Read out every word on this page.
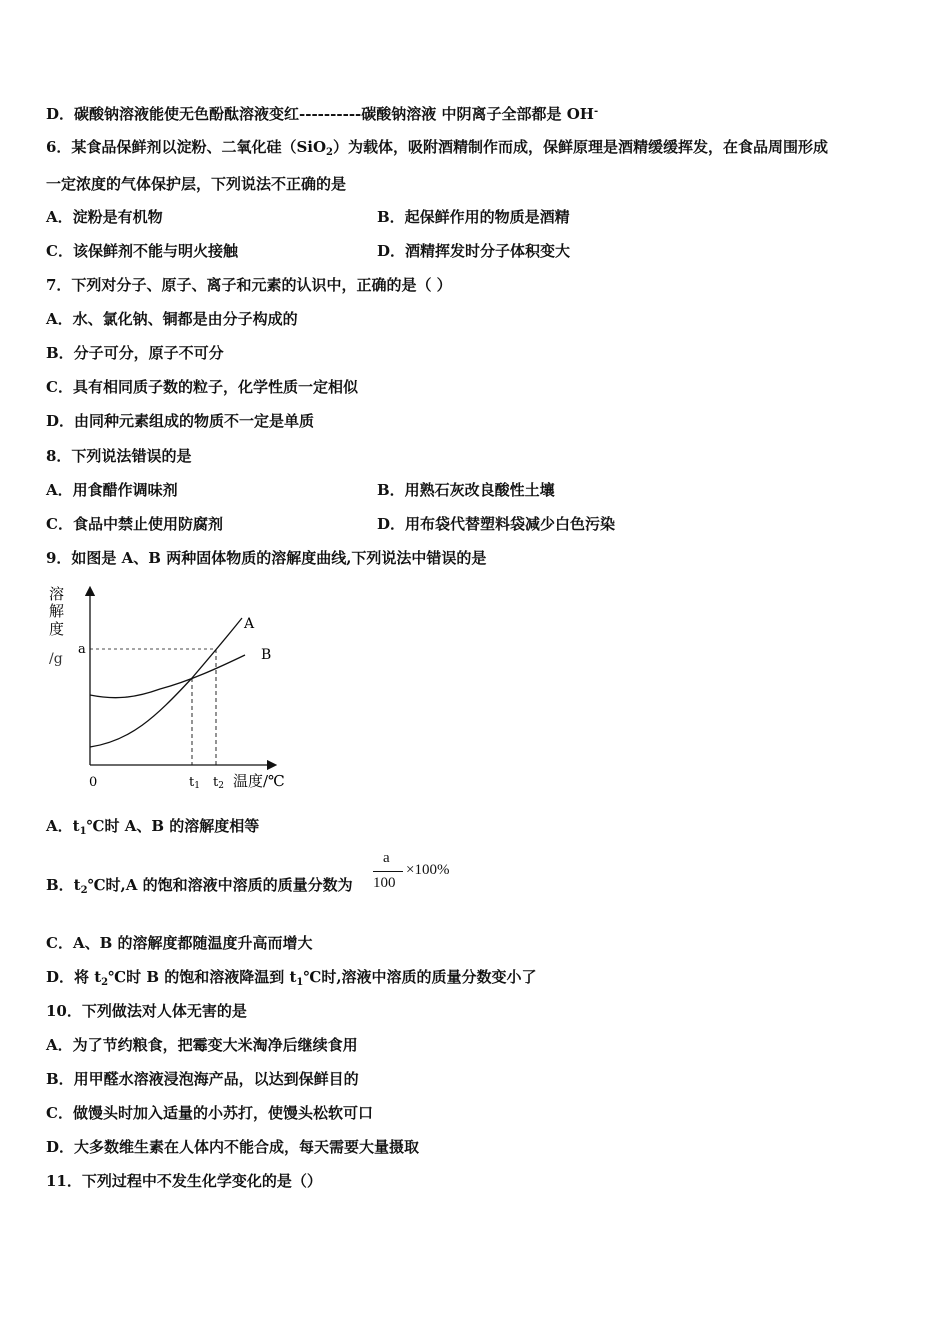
D．碳酸钠溶液能使无色酚酞溶液变红----------碳酸钠溶液 中阴离子全部都是 OH-
6．某食品保鲜剂以淀粉、二氧化硅（SiO$_2$）为载体，吸附酒精制作而成，保鲜原理是酒精缓缓挥发，在食品周围形成
一定浓度的气体保护层，下列说法不正确的是
A．淀粉是有机物	B．起保鲜作用的物质是酒精
C．该保鲜剂不能与明火接触	D．酒精挥发时分子体积变大
7．下列对分子、原子、离子和元素的认识中，正确的是（ ）
A．水、氯化钠、铜都是由分子构成的
B．分子可分，原子不可分
C．具有相同质子数的粒子，化学性质一定相似
D．由同种元素组成的物质不一定是单质
8．下列说法错误的是
A．用食醋作调味剂	B．用熟石灰改良酸性土壤
C．食品中禁止使用防腐剂	D．用布袋代替塑料袋减少白色污染
9．如图是 A、B 两种固体物质的溶解度曲线,下列说法中错误的是
溶
解
度
/g
a
A
B
0	t1 t2 温度/℃
A．$t_1℃$时 A、B 的溶解度相等
B．$t_2℃$时,A 的饱和溶液中溶质的质量分数为
a
100
×100%
C．A、B 的溶解度都随温度升高而增大
D．将 $t_2℃$时 B 的饱和溶液降温到 $t_1℃$时,溶液中溶质的质量分数变小了
10．下列做法对人体无害的是
A．为了节约粮食，把霉变大米淘净后继续食用
B．用甲醛水溶液浸泡海产品，以达到保鲜目的
C．做馒头时加入适量的小苏打，使馒头松软可口
D．大多数维生素在人体内不能合成，每天需要大量摄取
11．下列过程中不发生化学变化的是（）
